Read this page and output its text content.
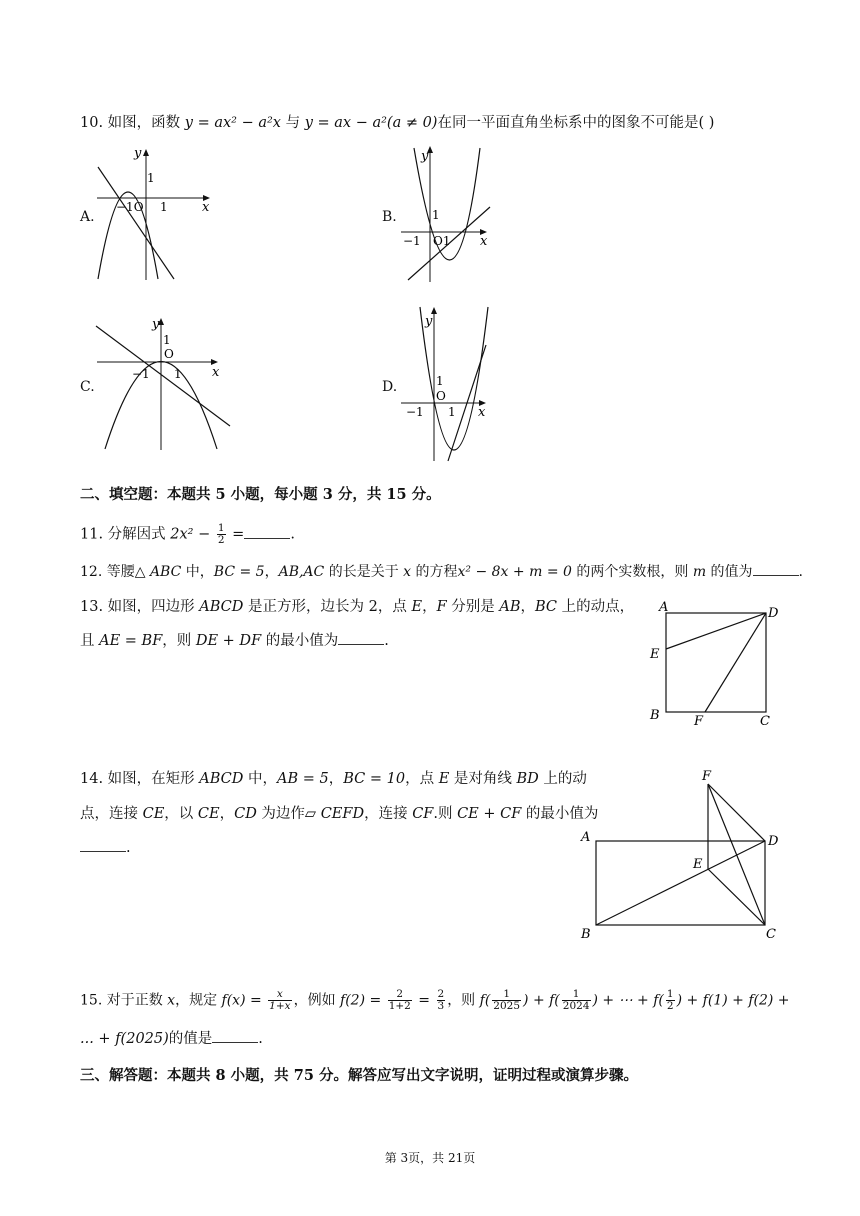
10. 如图，函数 y = ax² − a²x 与 y = ax − a²(a ≠ 0)在同一平面直角坐标系中的图象不可能是( )
A.
y
x
1
−1O 1
B.
y
x
1
−1 O1
C.
y
x
1
O
−1 1
D.
y
x
1
O
−1 1
二、填空题：本题共 5 小题，每小题 3 分，共 15 分。
11. 分解因式 $2x^2 - \frac{1}{2}$ =	.
12. 等腰△ ABC 中，BC = 5，AB,AC 的长是关于 x 的方程x² − 8x + m = 0 的两个实数根，则 m 的值为	.
13. 如图，四边形 ABCD 是正方形，边长为 2，点 E，F 分别是 AB，BC 上的动点，
且 AE = BF，则 DE + DF 的最小值为	.
A	D
E
B	F	C
14. 如图，在矩形 ABCD 中，AB = 5，BC = 10，点 E 是对角线 BD 上的动
点，连接 CE，以 CE，CD 为边作▱ CEFD，连接 CF.则 CE + CF 的最小值为
.
F
A	D
E
B	C
15. 对于正数 x，规定 $f(x) = \frac{x}{1+x}$ ，例如 $f(2) = \frac{2}{1+2} = \frac{2}{3}$ ，则 $f( \frac{1}{2025}$ ) + $f( \frac{1}{2024}$ ) + ⋯ + $f( \frac{1}{2}$ ) + f(1) + f(2) +
... + f(2025)的值是	.
三、解答题：本题共 8 小题，共 75 分。解答应写出文字说明，证明过程或演算步骤。
第 3页，共 21页
